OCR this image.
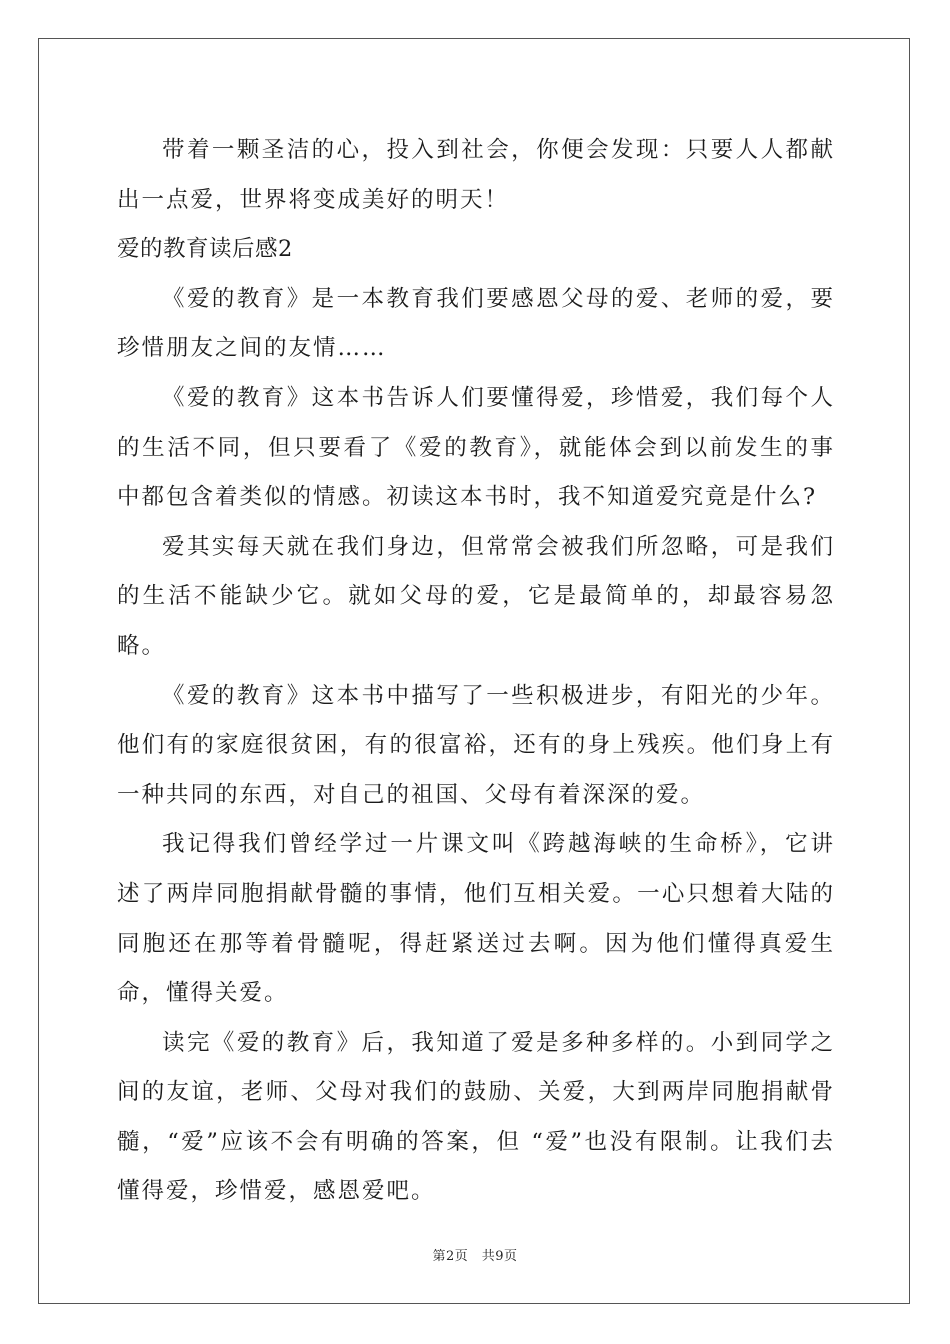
带着一颗圣洁的心，投入到社会，你便会发现：只要人人都献出一点爱，世界将变成美好的明天！

爱的教育读后感2

《爱的教育》是一本教育我们要感恩父母的爱、老师的爱，要珍惜朋友之间的友情……

《爱的教育》这本书告诉人们要懂得爱，珍惜爱，我们每个人的生活不同，但只要看了《爱的教育》，就能体会到以前发生的事中都包含着类似的情感。初读这本书时，我不知道爱究竟是什么?

爱其实每天就在我们身边，但常常会被我们所忽略，可是我们的生活不能缺少它。就如父母的爱，它是最简单的，却最容易忽略。

《爱的教育》这本书中描写了一些积极进步，有阳光的少年。他们有的家庭很贫困，有的很富裕，还有的身上残疾。他们身上有一种共同的东西，对自己的祖国、父母有着深深的爱。

我记得我们曾经学过一片课文叫《跨越海峡的生命桥》，它讲述了两岸同胞捐献骨髓的事情，他们互相关爱。一心只想着大陆的同胞还在那等着骨髓呢，得赶紧送过去啊。因为他们懂得真爱生命，懂得关爱。

读完《爱的教育》后，我知道了爱是多种多样的。小到同学之间的友谊，老师、父母对我们的鼓励、关爱，大到两岸同胞捐献骨髓，“爱”应该不会有明确的答案，但 “爱”也没有限制。让我们去懂得爱，珍惜爱，感恩爱吧。

第2页　共9页
